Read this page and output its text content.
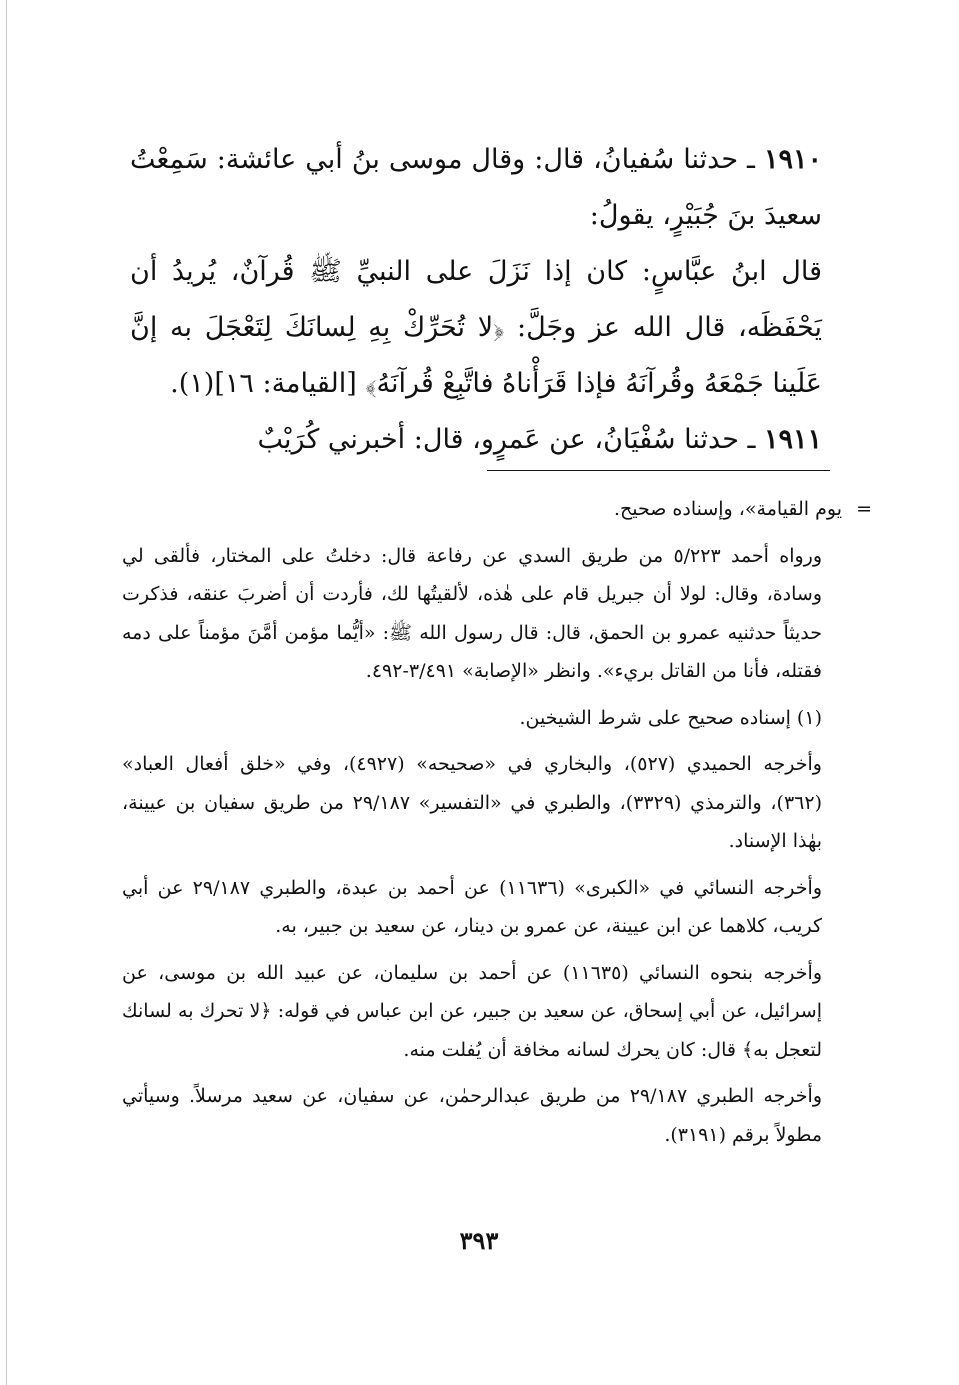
١٩١٠ ـ حدثنا سُفيانُ، قال: وقال موسى بنُ أبي عائشة: سَمِعْتُ سعيدَ بنَ جُبَيْرٍ، يقولُ:

قال ابنُ عبَّاسٍ: كان إذا نَزَلَ على النبيِّ ﷺ قُرآنٌ، يُريدُ أن يَحْفَظَه، قال الله عز وجَلَّ: ﴿لا تُحَرِّكْ بِهِ لِسانَكَ لِتَعْجَلَ به إنَّ عَلَينا جَمْعَهُ وقُرآنَهُ فإذا قَرَأْناهُ فاتَّبِعْ قُرآنَهُ﴾ [القيامة: ١٦](١).

١٩١١ ـ حدثنا سُفْيَانُ، عن عَمرٍو، قال: أخبرني كُرَيْبٌ

=
يوم القيامة»، وإسناده صحيح.

ورواه أحمد ٥/٢٢٣ من طريق السدي عن رفاعة قال: دخلتُ على المختار، فألقى لي وسادة، وقال: لولا أن جبريل قام على هٰذه، لألقيتُها لك، فأردت أن أضربَ عنقه، فذكرت حديثاً حدثنيه عمرو بن الحمق، قال: قال رسول الله ﷺ: «أيُّما مؤمن أمَّنَ مؤمناً على دمه فقتله، فأنا من القاتل بريء». وانظر «الإصابة» ٣/٤٩١-٤٩٢.

(١) إسناده صحيح على شرط الشيخين.

وأخرجه الحميدي (٥٢٧)، والبخاري في «صحيحه» (٤٩٢٧)، وفي «خلق أفعال العباد» (٣٦٢)، والترمذي (٣٣٢٩)، والطبري في «التفسير» ٢٩/١٨٧ من طريق سفيان بن عيينة، بهٰذا الإسناد.

وأخرجه النسائي في «الكبرى» (١١٦٣٦) عن أحمد بن عبدة، والطبري ٢٩/١٨٧ عن أبي كريب، كلاهما عن ابن عيينة، عن عمرو بن دينار، عن سعيد بن جبير، به.

وأخرجه بنحوه النسائي (١١٦٣٥) عن أحمد بن سليمان، عن عبيد الله بن موسى، عن إسرائيل، عن أبي إسحاق، عن سعيد بن جبير، عن ابن عباس في قوله: ﴿لا تحرك به لسانك لتعجل به﴾ قال: كان يحرك لسانه مخافة أن يُفلت منه.

وأخرجه الطبري ٢٩/١٨٧ من طريق عبدالرحمٰن، عن سفيان، عن سعيد مرسلاً. وسيأتي مطولاً برقم (٣١٩١).

٣٩٣
